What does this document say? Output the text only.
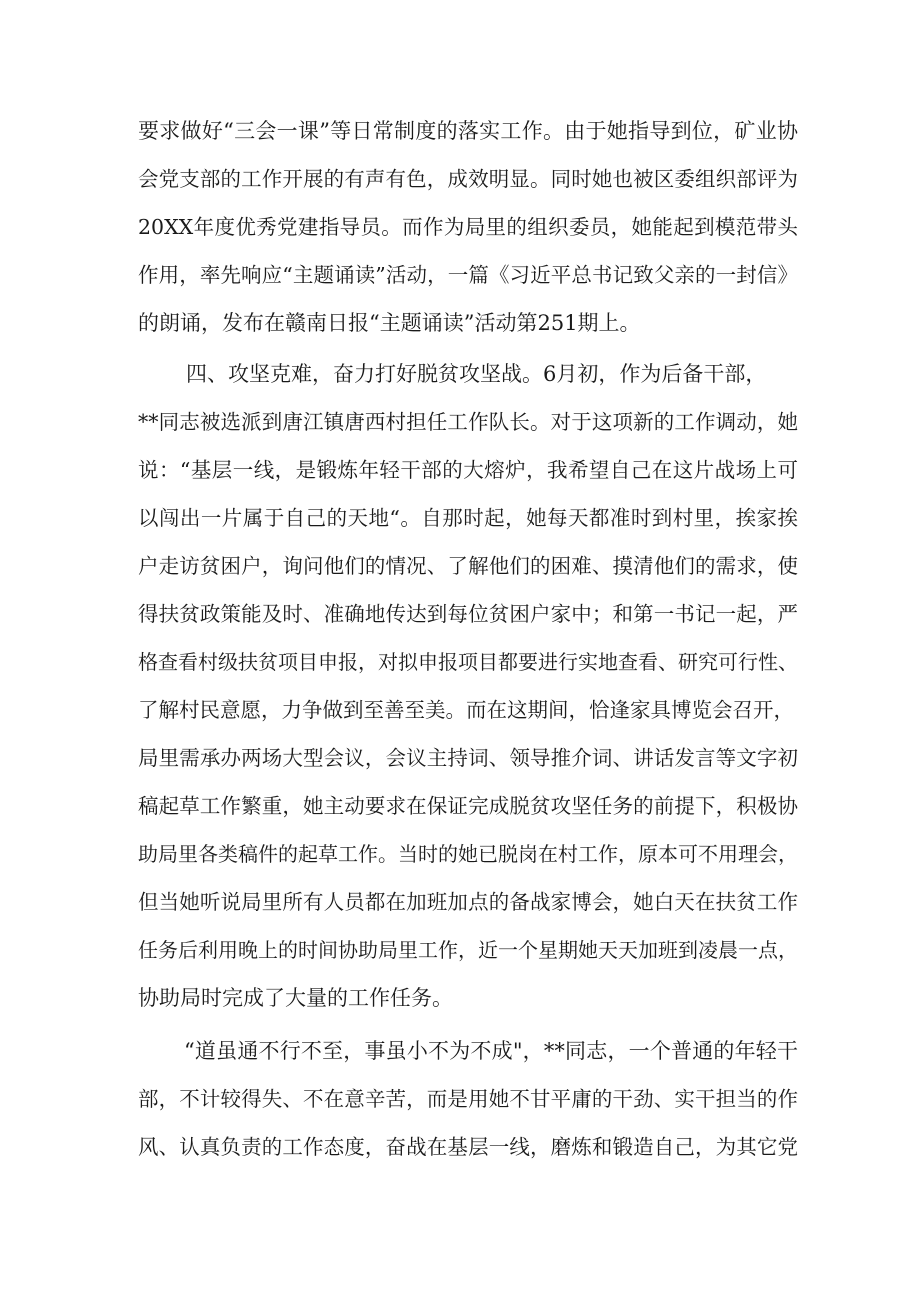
要求做好“三会一课”等日常制度的落实工作。由于她指导到位，矿业协
会党支部的工作开展的有声有色，成效明显。同时她也被区委组织部评为
20XX年度优秀党建指导员。而作为局里的组织委员，她能起到模范带头
作用，率先响应“主题诵读”活动，一篇《习近平总书记致父亲的一封信》
的朗诵，发布在赣南日报“主题诵读”活动第251期上。
四、攻坚克难，奋力打好脱贫攻坚战。6月初，作为后备干部，
**同志被选派到唐江镇唐西村担任工作队长。对于这项新的工作调动，她
说：“基层一线，是锻炼年轻干部的大熔炉，我希望自己在这片战场上可
以闯出一片属于自己的天地“。自那时起，她每天都准时到村里，挨家挨
户走访贫困户，询问他们的情况、了解他们的困难、摸清他们的需求，使
得扶贫政策能及时、准确地传达到每位贫困户家中；和第一书记一起，严
格查看村级扶贫项目申报，对拟申报项目都要进行实地查看、研究可行性、
了解村民意愿，力争做到至善至美。而在这期间，恰逢家具博览会召开，
局里需承办两场大型会议，会议主持词、领导推介词、讲话发言等文字初
稿起草工作繁重，她主动要求在保证完成脱贫攻坚任务的前提下，积极协
助局里各类稿件的起草工作。当时的她已脱岗在村工作，原本可不用理会，
但当她听说局里所有人员都在加班加点的备战家博会，她白天在扶贫工作
任务后利用晚上的时间协助局里工作，近一个星期她天天加班到凌晨一点，
协助局时完成了大量的工作任务。
“道虽通不行不至，事虽小不为不成"，**同志，一个普通的年轻干
部，不计较得失、不在意辛苦，而是用她不甘平庸的干劲、实干担当的作
风、认真负责的工作态度，奋战在基层一线，磨炼和锻造自己，为其它党
